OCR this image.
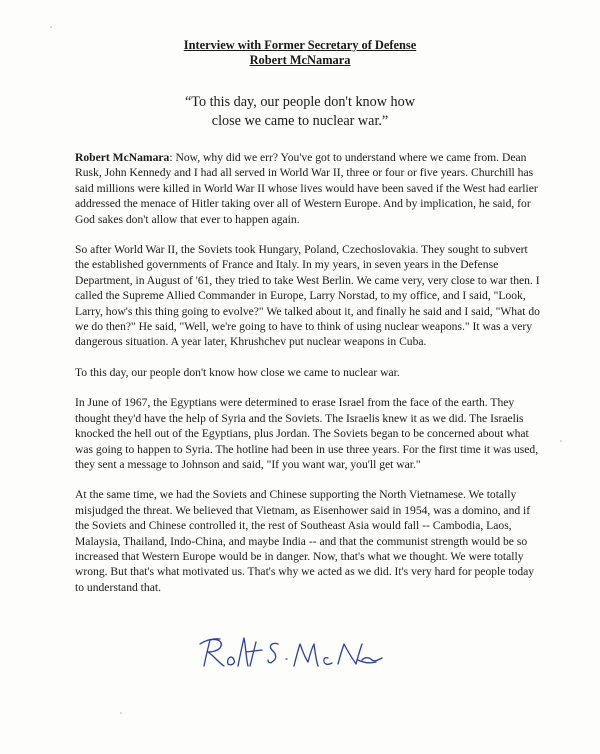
Interview with Former Secretary of Defense
Robert McNamara
“To this day, our people don't know how
close we came to nuclear war.”

Robert McNamara: Now, why did we err? You've got to understand where we came from. Dean Rusk, John Kennedy and I had all served in World War II, three or four or five years. Churchill has said millions were killed in World War II whose lives would have been saved if the West had earlier addressed the menace of Hitler taking over all of Western Europe. And by implication, he said, for God sakes don't allow that ever to happen again.

So after World War II, the Soviets took Hungary, Poland, Czechoslovakia. They sought to subvert the established governments of France and Italy. In my years, in seven years in the Defense Department, in August of '61, they tried to take West Berlin. We came very, very close to war then. I called the Supreme Allied Commander in Europe, Larry Norstad, to my office, and I said, "Look, Larry, how's this thing going to evolve?" We talked about it, and finally he said and I said, "What do we do then?" He said, "Well, we're going to have to think of using nuclear weapons." It was a very dangerous situation. A year later, Khrushchev put nuclear weapons in Cuba.

To this day, our people don't know how close we came to nuclear war.

In June of 1967, the Egyptians were determined to erase Israel from the face of the earth. They thought they'd have the help of Syria and the Soviets. The Israelis knew it as we did. The Israelis knocked the hell out of the Egyptians, plus Jordan. The Soviets began to be concerned about what was going to happen to Syria. The hotline had been in use three years. For the first time it was used, they sent a message to Johnson and said, "If you want war, you'll get war."

At the same time, we had the Soviets and Chinese supporting the North Vietnamese. We totally misjudged the threat. We believed that Vietnam, as Eisenhower said in 1954, was a domino, and if the Soviets and Chinese controlled it, the rest of Southeast Asia would fall -- Cambodia, Laos, Malaysia, Thailand, Indo-China, and maybe India -- and that the communist strength would be so increased that Western Europe would be in danger. Now, that's what we thought. We were totally wrong. But that's what motivated us. That's why we acted as we did. It's very hard for people today to understand that.
